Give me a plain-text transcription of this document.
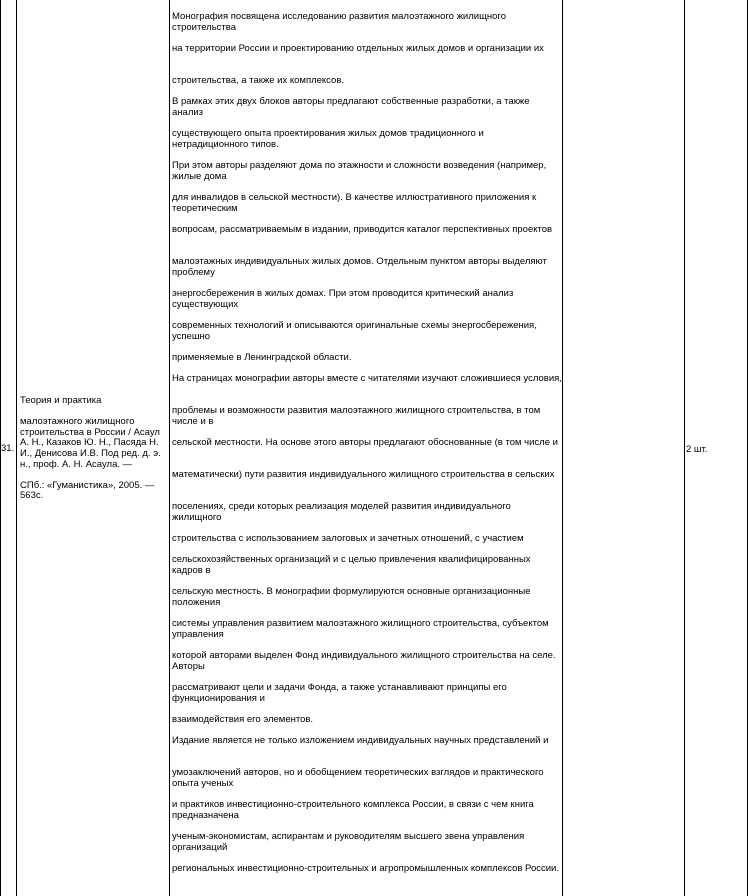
31.

Теория и практика

малоэтажного жилищного строительства в России / Асаул А. Н., Казаков Ю. Н., Пасяда Н. И., Денисова И.В. Под ред. д. э. н., проф. А. Н. Асаула. —

СПб.: «Гуманистика», 2005. — 563с.

Монография посвящена исследованию развития малоэтажного жилищного строительства

на территории России и проектированию отдельных жилых домов и организации их

строительства, а также их комплексов.

В рамках этих двух блоков авторы предлагают собственные разработки, а также анализ

существующего опыта проектирования жилых домов традиционного и нетрадиционного типов.

При этом авторы разделяют дома по этажности и сложности возведения (например, жилые дома

для инвалидов в сельской местности). В качестве иллюстративного приложения к теоретическим

вопросам, рассматриваемым в издании, приводится каталог перспективных проектов

малоэтажных индивидуальных жилых домов. Отдельным пунктом авторы выделяют проблему

энергосбережения в жилых домах. При этом проводится критический анализ существующих

современных технологий и описываются оригинальные схемы энергосбережения, успешно

применяемые в Ленинградской области.

На страницах монографии авторы вместе с читателями изучают сложившиеся условия,

проблемы и возможности развития малоэтажного жилищного строительства, в том числе и в

сельской местности. На основе этого авторы предлагают обоснованные (в том числе и

математически) пути развития индивидуального жилищного строительства в сельских

поселениях, среди которых реализация моделей развития индивидуального жилищного

строительства с использованием залоговых и зачетных отношений, с участием

сельскохозяйственных организаций и с целью привлечения квалифицированных кадров в

сельскую местность. В монографии формулируются основные организационные положения

системы управления развитием малоэтажного жилищного строительства, субъектом управления

которой авторами выделен Фонд индивидуального жилищного строительства на селе. Авторы

рассматривают цели и задачи Фонда, а также устанавливают принципы его функционирования и

взаимодействия его элементов.

Издание является не только изложением индивидуальных научных представлений и

умозаключений авторов, но и обобщением теоретических взглядов и практического опыта ученых

и практиков инвестиционно-строительного комплекса России, в связи с чем книга предназначена

ученым-экономистам, аспирантам и руководителям высшего звена управления организаций

региональных инвестиционно-строительных и агропромышленных комплексов России.

2 шт.
